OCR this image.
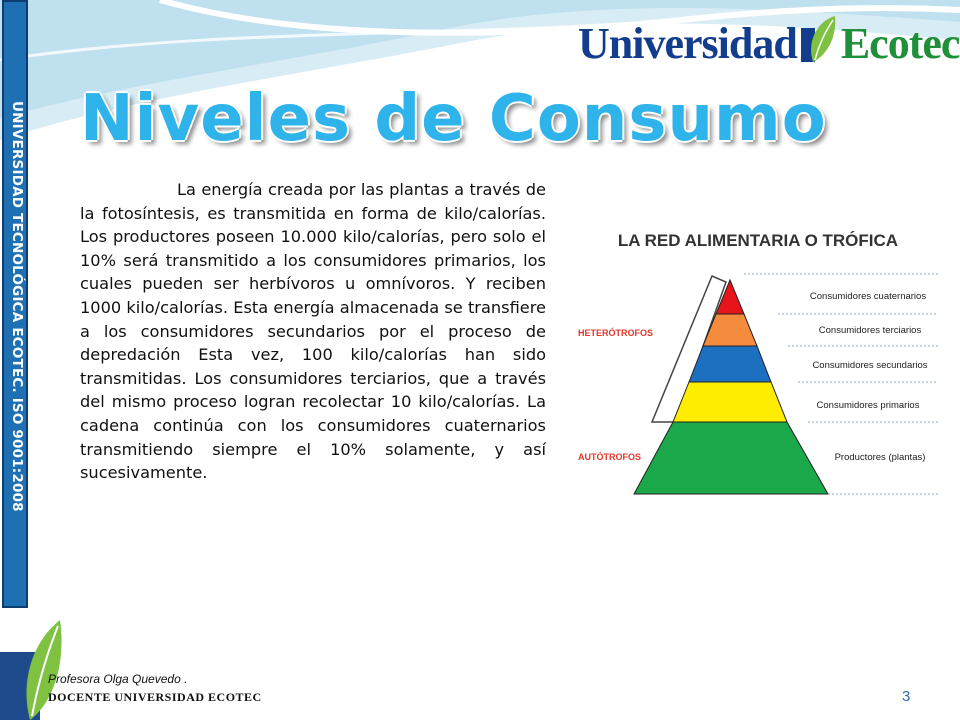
UNIVERSIDAD TECNOLÓGICA ECOTEC. ISO 9001:2008
Universidad Ecotec
Niveles de Consumo
La energía creada por las plantas a través de la fotosíntesis, es transmitida en forma de kilo/calorías. Los productores poseen 10.000 kilo/calorías, pero solo el 10% será transmitido a los consumidores primarios, los cuales pueden ser herbívoros u omnívoros. Y reciben 1000 kilo/calorías. Esta energía almacenada se transfiere a los consumidores secundarios por el proceso de depredación Esta vez, 100 kilo/calorías han sido transmitidas. Los consumidores terciarios, que a través del mismo proceso logran recolectar 10 kilo/calorías. La cadena continúa con los consumidores cuaternarios transmitiendo siempre el 10% solamente, y así sucesivamente.
LA RED ALIMENTARIA O TRÓFICA
Consumidores cuaternarios
Consumidores terciarios
Consumidores secundarios
Consumidores primarios
Productores (plantas)
HETERÓTROFOS
AUTÓTROFOS
Profesora Olga Quevedo .
DOCENTE UNIVERSIDAD ECOTEC	3
